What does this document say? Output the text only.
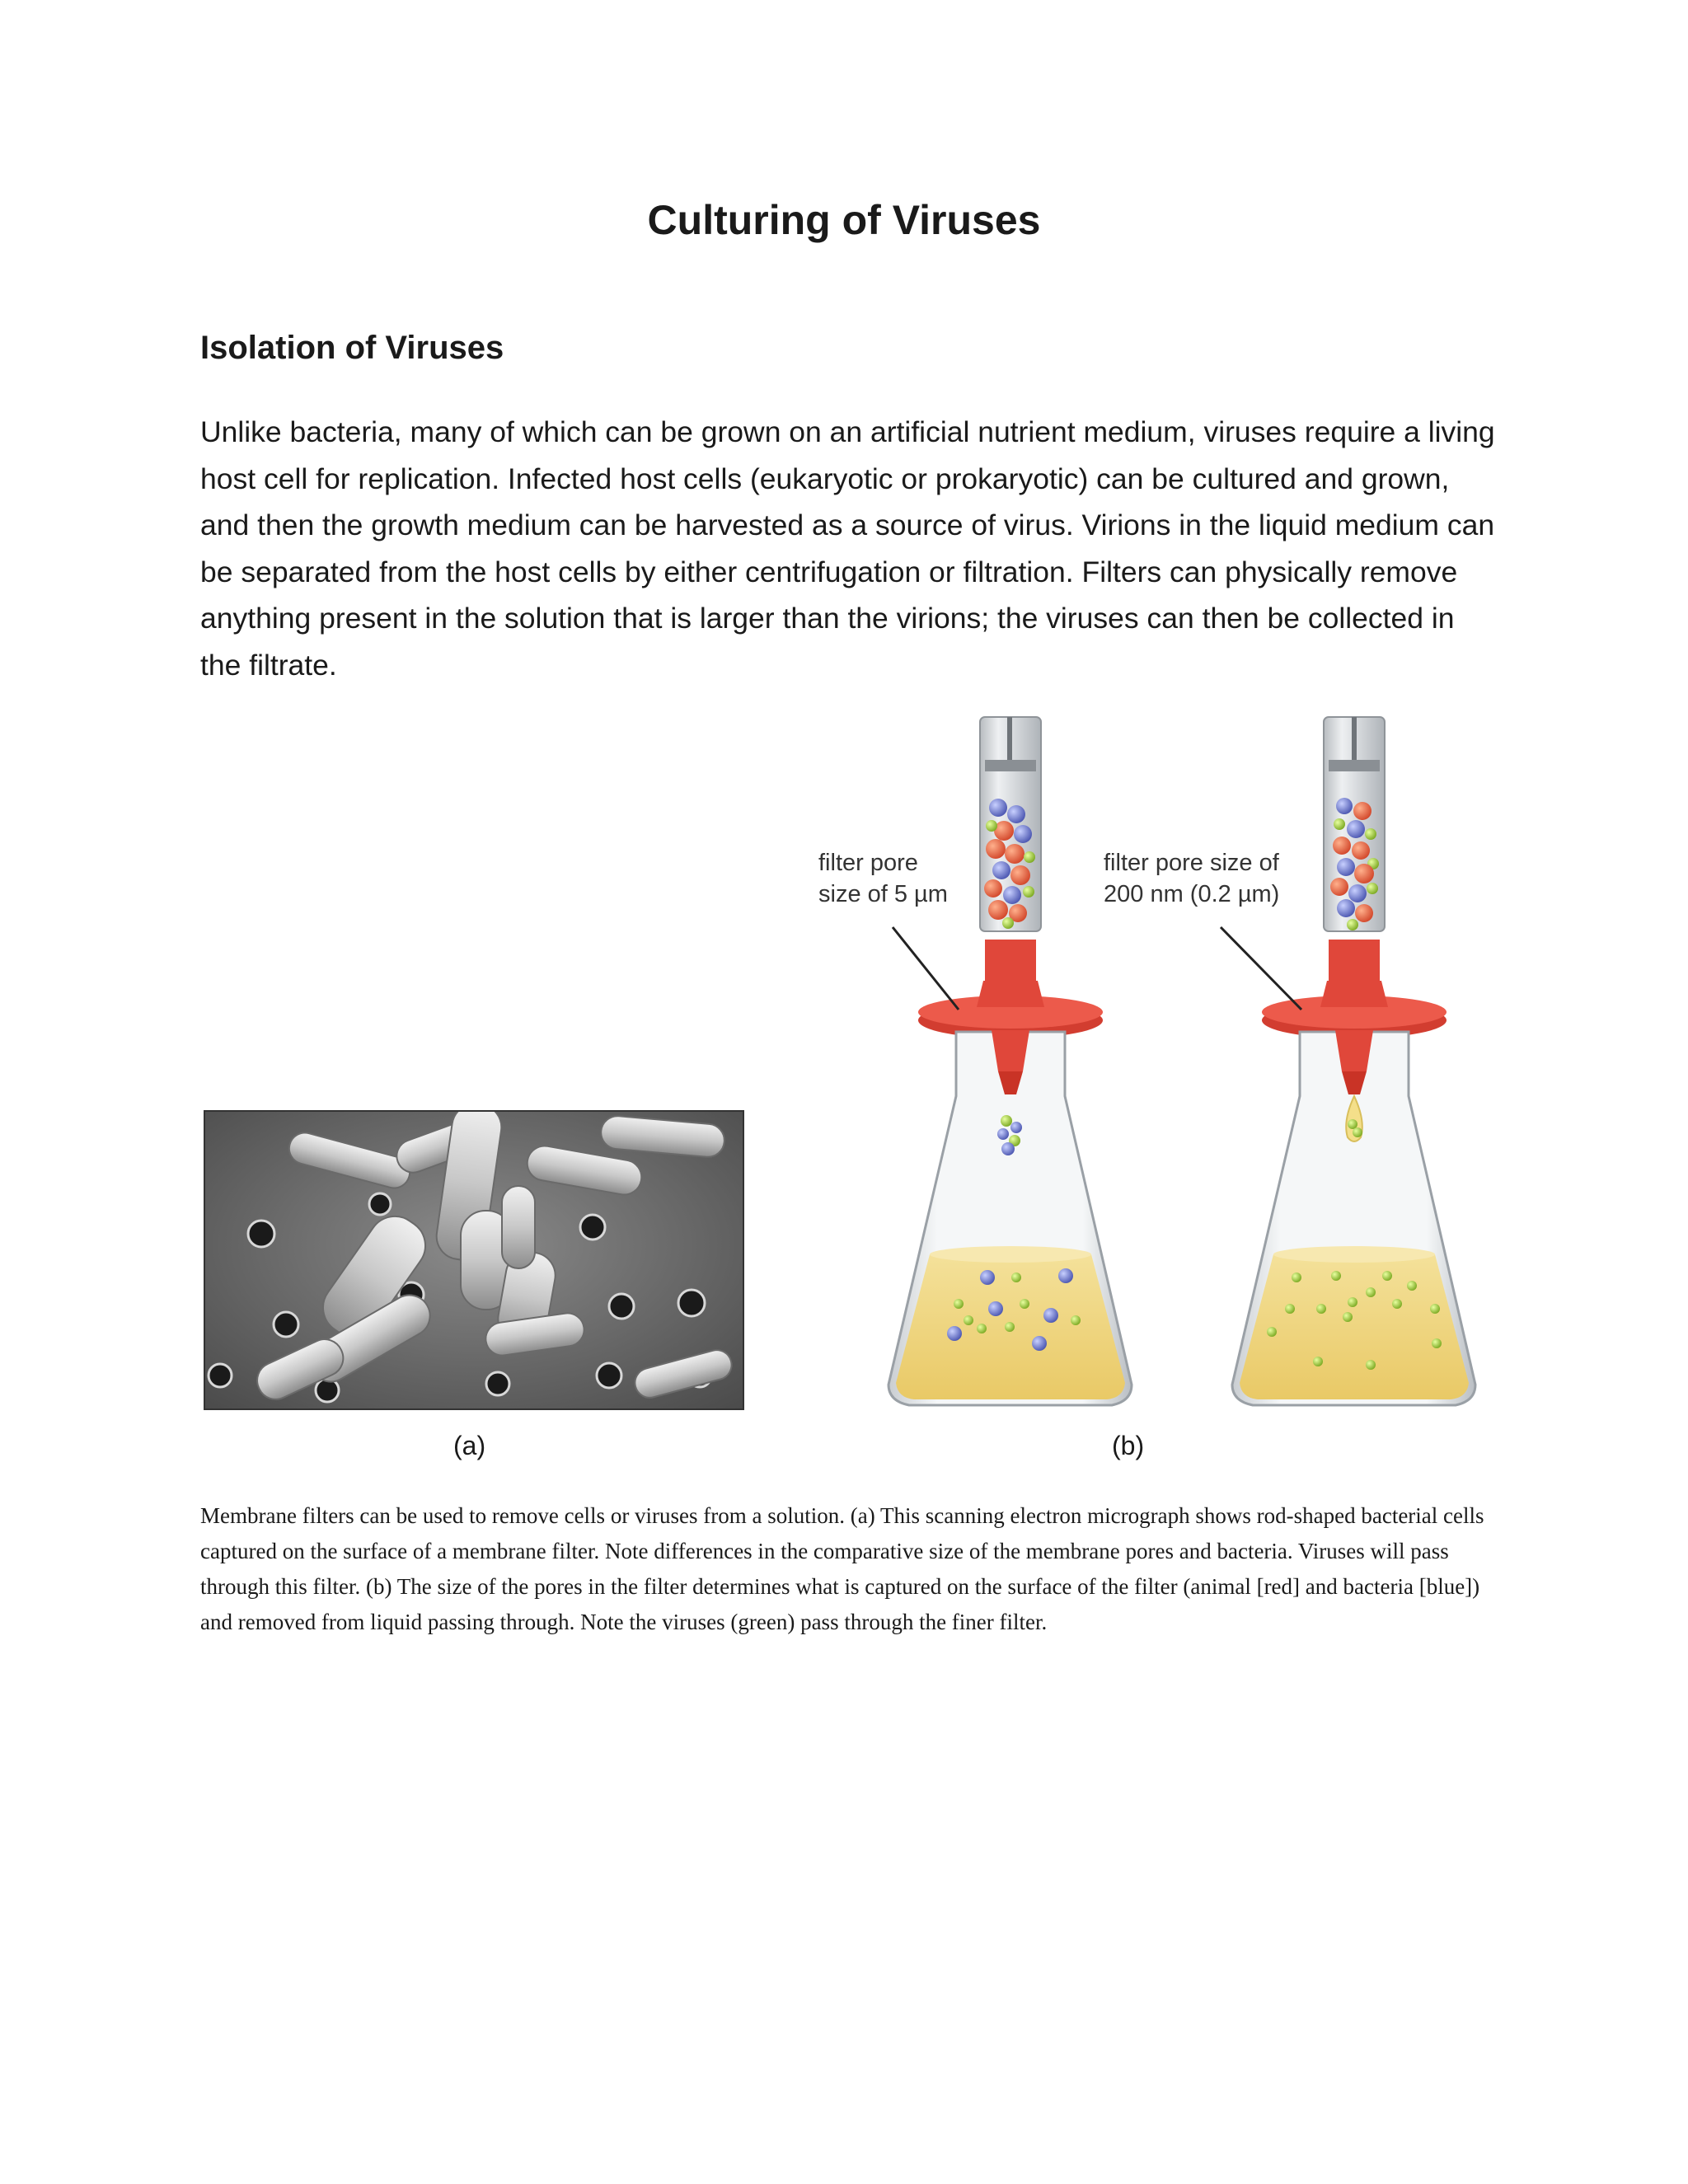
Culturing of Viruses
Isolation of Viruses

Unlike bacteria, many of which can be grown on an artificial nutrient medium, viruses require a living host cell for replication. Infected host cells (eukaryotic or prokaryotic) can be cultured and grown, and then the growth medium can be harvested as a source of virus. Virions in the liquid medium can be separated from the host cells by either centrifugation or filtration. Filters can physically remove anything present in the solution that is larger than the virions; the viruses can then be collected in the filtrate.

(a)
filter pore
size of 5 µm
filter pore size of
200 nm (0.2 µm)
(b)

Membrane filters can be used to remove cells or viruses from a solution. (a) This scanning electron micrograph shows rod-shaped bacterial cells captured on the surface of a membrane filter. Note differences in the comparative size of the membrane pores and bacteria. Viruses will pass through this filter. (b) The size of the pores in the filter determines what is captured on the surface of the filter (animal [red] and bacteria [blue]) and removed from liquid passing through. Note the viruses (green) pass through the finer filter.
